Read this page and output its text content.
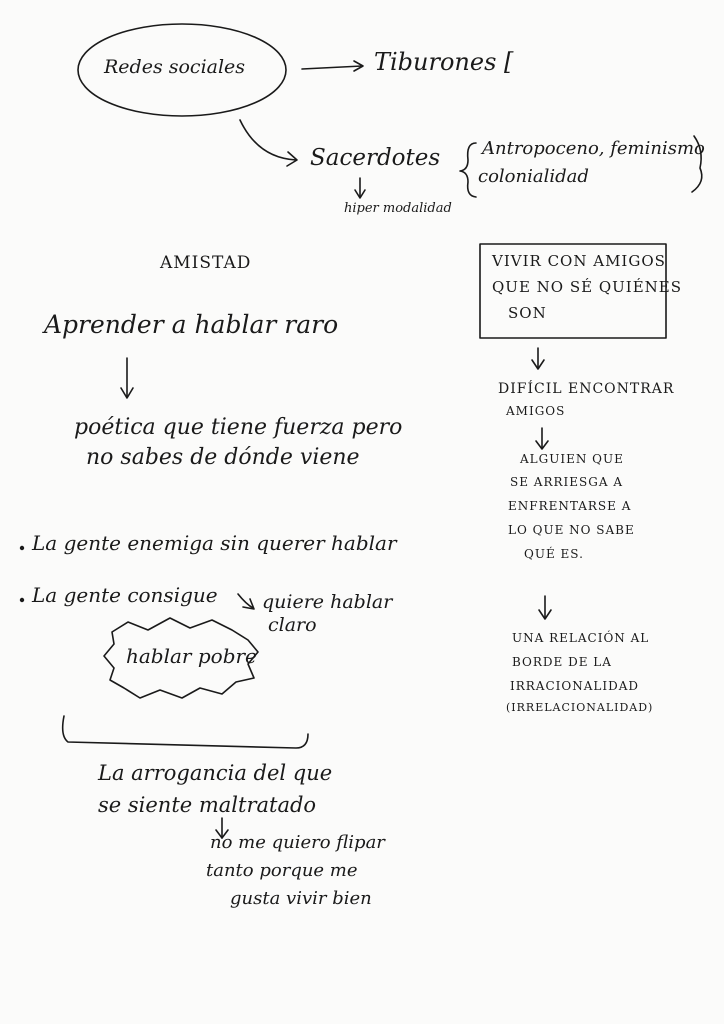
Redes sociales	Tiburones [
Sacerdotes Antropoceno, feminismo
colonialidad
hiper modalidad
AMISTAD
Aprender a hablar raro
poética que tiene fuerza pero
no sabes de dónde viene
La gente enemiga sin querer hablar
La gente consigue quiere hablar
claro
hablar pobre
La arrogancia del que
se siente maltratado
no me quiero flipar
tanto porque me
gusta vivir bien
VIVIR CON AMIGOS
QUE NO SÉ QUIÉNES
SON
DIFÍCIL ENCONTRAR
AMIGOS
ALGUIEN QUE
SE ARRIESGA A
ENFRENTARSE A
LO QUE NO SABE
QUÉ ES.
UNA RELACIÓN AL
BORDE DE LA
IRRACIONALIDAD
(IRRELACIONALIDAD)
